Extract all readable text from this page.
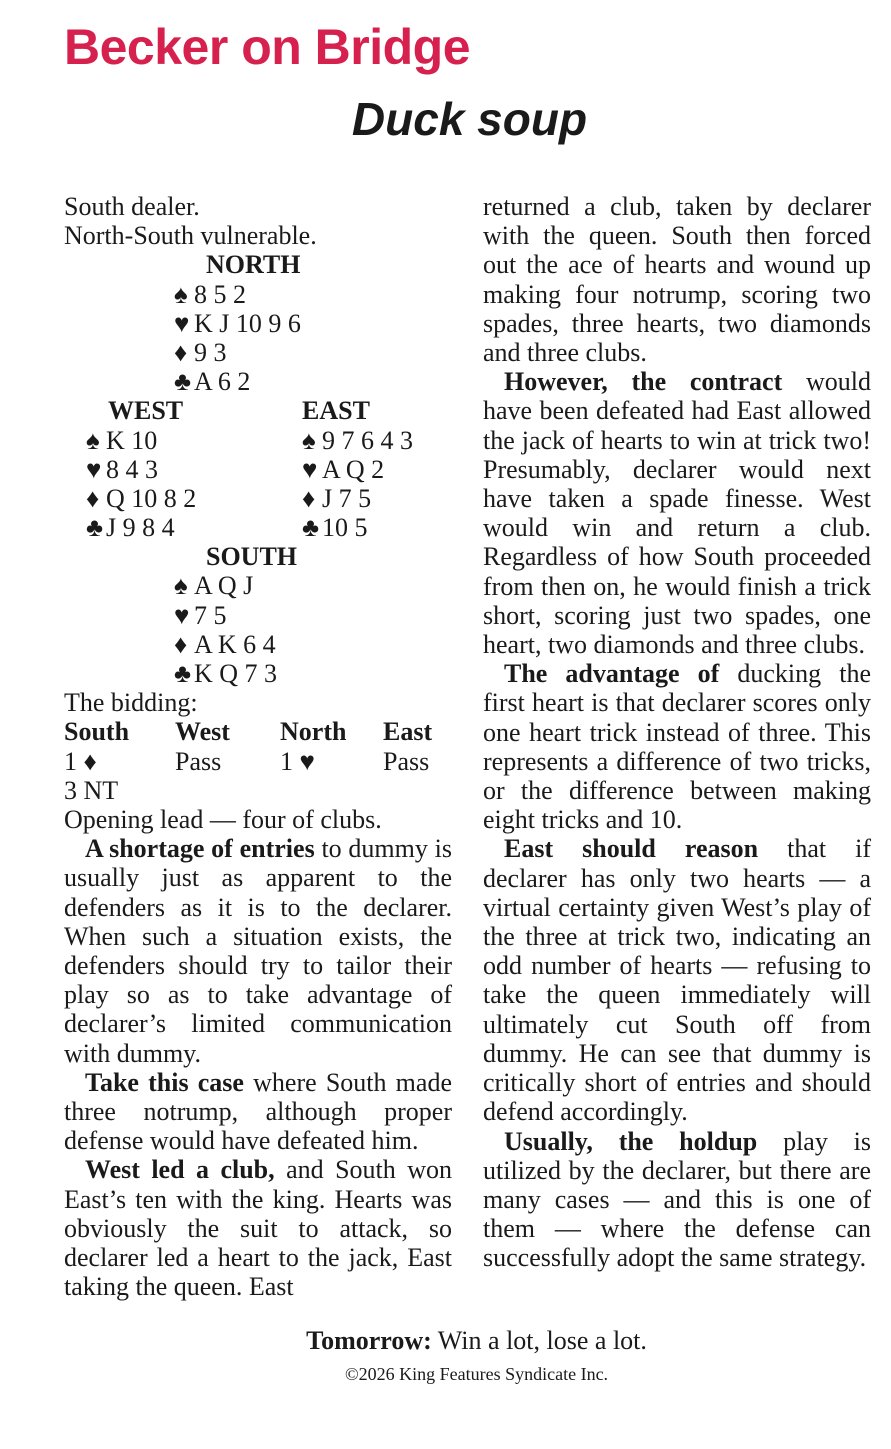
Becker on Bridge
Duck soup
South dealer.
North-South vulnerable.
NORTH
♠ 8 5 2
♥ K J 10 9 6
♦ 9 3
♣ A 6 2
WEST	EAST
♠ K 10	♠ 9 7 6 4 3
♥ 8 4 3	♥ A Q 2
♦ Q 10 8 2	♦ J 7 5
♣ J 9 8 4	♣ 10 5
SOUTH
♠ A Q J
♥ 7 5
♦ A K 6 4
♣ K Q 7 3
The bidding:
South	West	North	East
1 ♦	Pass	1 ♥	Pass
3 NT
Opening lead — four of clubs.

A shortage of entries to dummy is usually just as apparent to the defenders as it is to the declarer. When such a situation exists, the defenders should try to tailor their play so as to take advantage of declarer’s limited communication with dummy.

Take this case where South made three notrump, although proper defense would have defeated him.

West led a club, and South won East’s ten with the king. Hearts was obviously the suit to attack, so declarer led a heart to the jack, East taking the queen. East

returned a club, taken by declarer with the queen. South then forced out the ace of hearts and wound up making four notrump, scoring two spades, three hearts, two diamonds and three clubs.

However, the contract would have been defeated had East allowed the jack of hearts to win at trick two! Presumably, declarer would next have taken a spade finesse. West would win and return a club. Regardless of how South proceeded from then on, he would finish a trick short, scoring just two spades, one heart, two diamonds and three clubs.

The advantage of ducking the first heart is that declarer scores only one heart trick instead of three. This represents a difference of two tricks, or the difference between making eight tricks and 10.

East should reason that if declarer has only two hearts — a virtual certainty given West’s play of the three at trick two, indicating an odd number of hearts — refusing to take the queen immediately will ultimately cut South off from dummy. He can see that dummy is critically short of entries and should defend accordingly.

Usually, the holdup play is utilized by the declarer, but there are many cases — and this is one of them — where the defense can successfully adopt the same strategy.

Tomorrow: Win a lot, lose a lot.
©2026 King Features Syndicate Inc.
